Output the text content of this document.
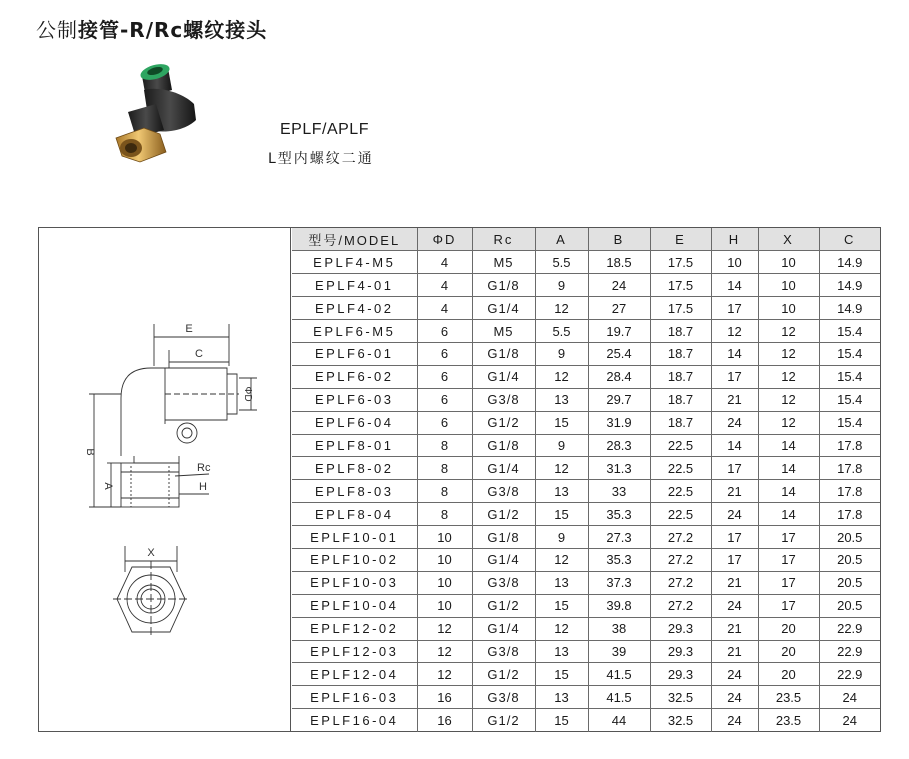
公制接管-R/Rc螺纹接头
EPLF/APLF
L型内螺纹二通
E
C
ΦD
B
A
Rc
H
X
型号/MODEL	ΦD	Rc	A	B	E	H	X	C
EPLF4-M5	4	M5	5.5	18.5	17.5	10	10	14.9
EPLF4-01	4	G1/8	9	24	17.5	14	10	14.9
EPLF4-02	4	G1/4	12	27	17.5	17	10	14.9
EPLF6-M5	6	M5	5.5	19.7	18.7	12	12	15.4
EPLF6-01	6	G1/8	9	25.4	18.7	14	12	15.4
EPLF6-02	6	G1/4	12	28.4	18.7	17	12	15.4
EPLF6-03	6	G3/8	13	29.7	18.7	21	12	15.4
EPLF6-04	6	G1/2	15	31.9	18.7	24	12	15.4
EPLF8-01	8	G1/8	9	28.3	22.5	14	14	17.8
EPLF8-02	8	G1/4	12	31.3	22.5	17	14	17.8
EPLF8-03	8	G3/8	13	33	22.5	21	14	17.8
EPLF8-04	8	G1/2	15	35.3	22.5	24	14	17.8
EPLF10-01	10	G1/8	9	27.3	27.2	17	17	20.5
EPLF10-02	10	G1/4	12	35.3	27.2	17	17	20.5
EPLF10-03	10	G3/8	13	37.3	27.2	21	17	20.5
EPLF10-04	10	G1/2	15	39.8	27.2	24	17	20.5
EPLF12-02	12	G1/4	12	38	29.3	21	20	22.9
EPLF12-03	12	G3/8	13	39	29.3	21	20	22.9
EPLF12-04	12	G1/2	15	41.5	29.3	24	20	22.9
EPLF16-03	16	G3/8	13	41.5	32.5	24	23.5	24
EPLF16-04	16	G1/2	15	44	32.5	24	23.5	24
